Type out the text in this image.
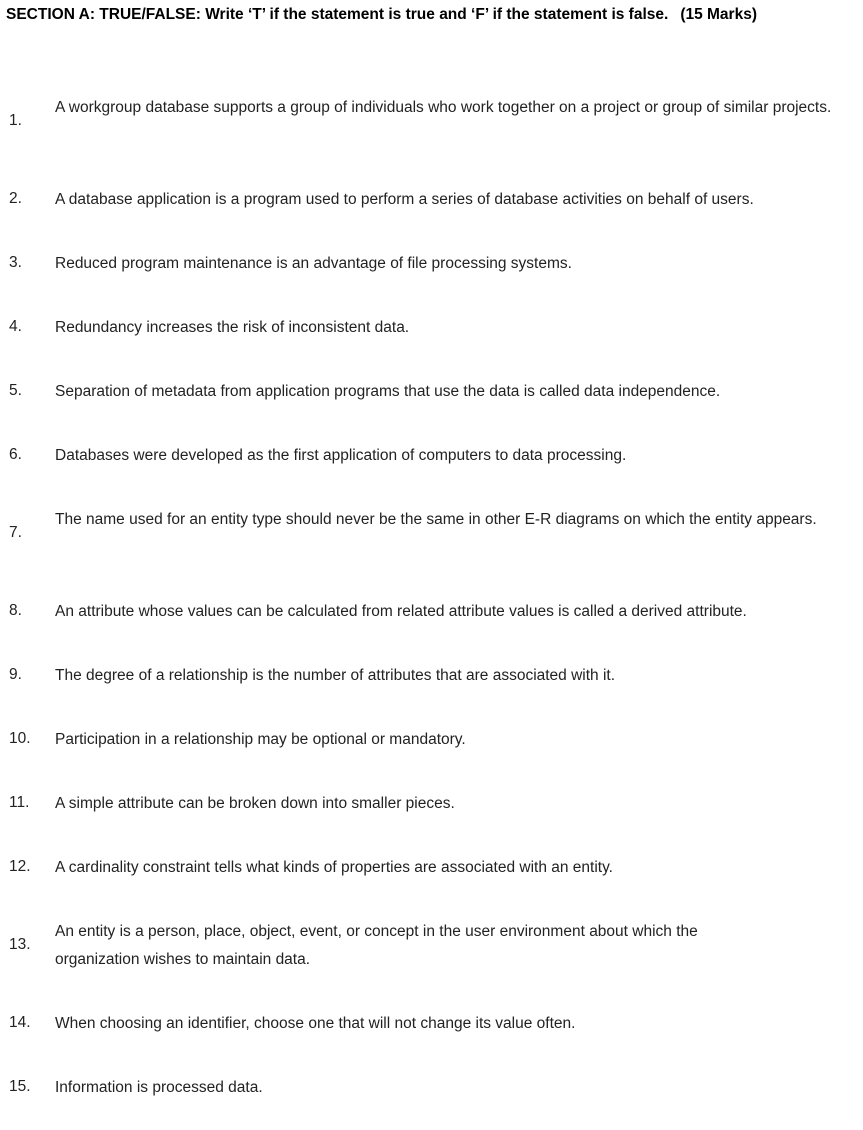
SECTION A: TRUE/FALSE: Write ‘T’ if the statement is true and ‘F’ if the statement is false. (15 Marks)
1.
A workgroup database supports a group of individuals who work together on a project or group of similar projects.
2. A database application is a program used to perform a series of database activities on behalf of users.
3. Reduced program maintenance is an advantage of file processing systems.
4. Redundancy increases the risk of inconsistent data.
5. Separation of metadata from application programs that use the data is called data independence.
6. Databases were developed as the first application of computers to data processing.
7.
The name used for an entity type should never be the same in other E-R diagrams on which the entity appears.
8. An attribute whose values can be calculated from related attribute values is called a derived attribute.
9. The degree of a relationship is the number of attributes that are associated with it.
10. Participation in a relationship may be optional or mandatory.
11. A simple attribute can be broken down into smaller pieces.
12. A cardinality constraint tells what kinds of properties are associated with an entity.
13.
An entity is a person, place, object, event, or concept in the user environment about which the organization wishes to maintain data.
14. When choosing an identifier, choose one that will not change its value often.
15. Information is processed data.
